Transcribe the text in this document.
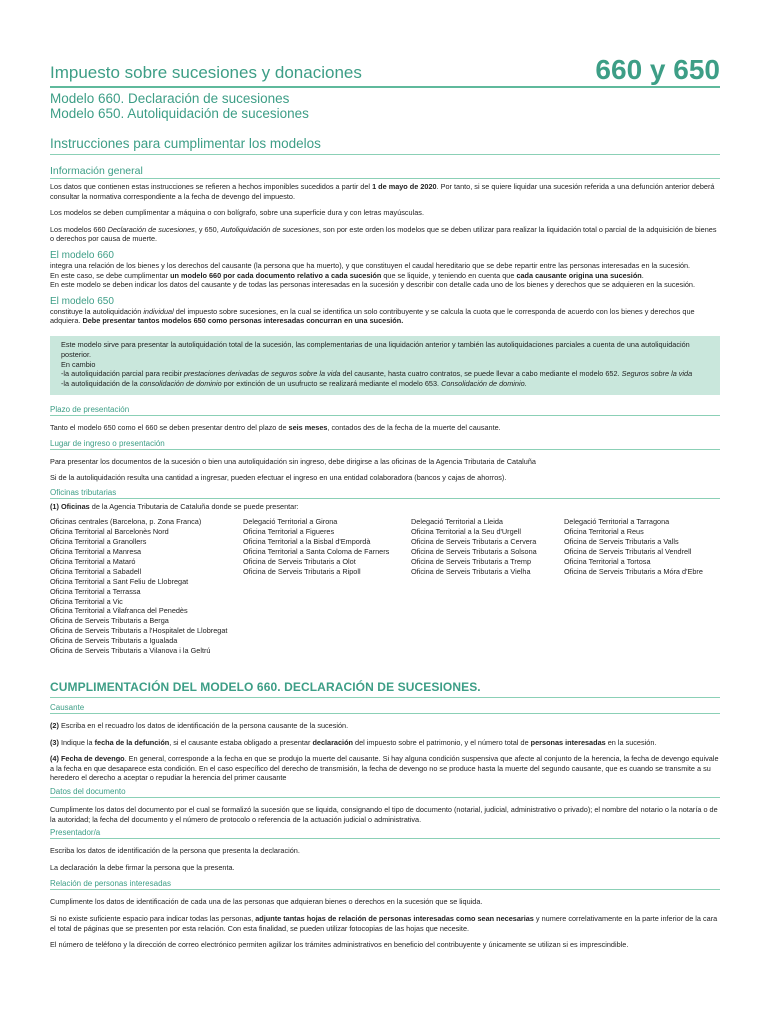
Impuesto sobre sucesiones y donaciones	660 y 650
Modelo 660. Declaración de sucesiones
Modelo 650. Autoliquidación de sucesiones
Instrucciones para cumplimentar los modelos
Información general

Los datos que contienen estas instrucciones se refieren a hechos imponibles sucedidos a partir del 1 de mayo de 2020. Por tanto, si se quiere liquidar una sucesión referida a una defunción anterior deberá consultar la normativa correspondiente a la fecha de devengo del impuesto.

Los modelos se deben cumplimentar a máquina o con bolígrafo, sobre una superficie dura y con letras mayúsculas.

Los modelos 660 Declaración de sucesiones, y 650, Autoliquidación de sucesiones, son por este orden los modelos que se deben utilizar para realizar la liquidación total o parcial de la adquisición de bienes o derechos por causa de muerte.

El modelo 660

integra una relación de los bienes y los derechos del causante (la persona que ha muerto), y que constituyen el caudal hereditario que se debe repartir entre las personas interesadas en la sucesión.

En este caso, se debe cumplimentar un modelo 660 por cada documento relativo a cada sucesión que se liquide, y teniendo en cuenta que cada causante origina una sucesión.

En este modelo se deben indicar los datos del causante y de todas las personas interesadas en la sucesión y describir con detalle cada uno de los bienes y derechos que se adquieren en la sucesión.

El modelo 650

constituye la autoliquidación individual del impuesto sobre sucesiones, en la cual se identifica un solo contribuyente y se calcula la cuota que le corresponda de acuerdo con los bienes y derechos que adquiera. Debe presentar tantos modelos 650 como personas interesadas concurran en una sucesión.

Este modelo sirve para presentar la autoliquidación total de la sucesión, las complementarias de una liquidación anterior y también las autoliquidaciones parciales a cuenta de una autoliquidación posterior.

En cambio

-la autoliquidación parcial para recibir prestaciones derivadas de seguros sobre la vida del causante, hasta cuatro contratos, se puede llevar a cabo mediante el modelo 652. Seguros sobre la vida

-la autoliquidación de la consolidación de dominio por extinción de un usufructo se realizará mediante el modelo 653. Consolidación de dominio.

Plazo de presentación

Tanto el modelo 650 como el 660 se deben presentar dentro del plazo de seis meses, contados des de la fecha de la muerte del causante.

Lugar de ingreso o presentación

Para presentar los documentos de la sucesión o bien una autoliquidación sin ingreso, debe dirigirse a las oficinas de la Agencia Tributaria de Cataluña

Si de la autoliquidación resulta una cantidad a ingresar, pueden efectuar el ingreso en una entidad colaboradora (bancos y cajas de ahorros).

Oficinas tributarias

(1) Oficinas de la Agencia Tributaria de Cataluña donde se puede presentar:

Oficinas centrales (Barcelona, p. Zona Franca)
Oficina Territorial al Barcelonès Nord
Oficina Territorial a Granollers
Oficina Territorial a Manresa
Oficina Territorial a Mataró
Oficina Territorial a Sabadell
Oficina Territorial a Sant Feliu de Llobregat
Oficina Territorial a Terrassa
Oficina Territorial a Vic
Oficina Territorial a Vilafranca del Penedès
Oficina de Serveis Tributaris a Berga
Oficina de Serveis Tributaris a l'Hospitalet de Llobregat
Oficina de Serveis Tributaris a Igualada
Oficina de Serveis Tributaris a Vilanova i la Geltrú
Delegació Territorial a Girona
Oficina Territorial a Figueres
Oficina Territorial a la Bisbal d'Empordà
Oficina Territorial a Santa Coloma de Farners
Oficina de Serveis Tributaris a Olot
Oficina de Serveis Tributaris a Ripoll
Delegació Territorial a Lleida
Oficina Territorial a la Seu d'Urgell
Oficina de Serveis Tributaris a Cervera
Oficina de Serveis Tributaris a Solsona
Oficina de Serveis Tributaris a Tremp
Oficina de Serveis Tributaris a Vielha
Delegació Territorial a Tarragona
Oficina Territorial a Reus
Oficina de Serveis Tributaris a Valls
Oficina de Serveis Tributaris al Vendrell
Oficina Territorial a Tortosa
Oficina de Serveis Tributaris a Móra d'Ebre
CUMPLIMENTACIÓN DEL MODELO 660. DECLARACIÓN DE SUCESIONES.
Causante

(2) Escriba en el recuadro los datos de identificación de la persona causante de la sucesión.

(3) Indique la fecha de la defunción, si el causante estaba obligado a presentar declaración del impuesto sobre el patrimonio, y el número total de personas interesadas en la sucesión.

(4) Fecha de devengo. En general, corresponde a la fecha en que se produjo la muerte del causante. Si hay alguna condición suspensiva que afecte al conjunto de la herencia, la fecha de devengo equivale a la fecha en que desaparece esta condición. En el caso específico del derecho de transmisión, la fecha de devengo no se produce hasta la muerte del segundo causante, que es cuando se transmite a su heredero el derecho a aceptar o repudiar la herencia del primer causante

Datos del documento

Cumplimente los datos del documento por el cual se formalizó la sucesión que se liquida, consignando el tipo de documento (notarial, judicial, administrativo o privado); el nombre del notario o la notaría o de la autoridad; la fecha del documento y el número de protocolo o referencia de la actuación judicial o administrativa.

Presentador/a

Escriba los datos de identificación de la persona que presenta la declaración.

La declaración la debe firmar la persona que la presenta.

Relación de personas interesadas

Cumplimente los datos de identificación de cada una de las personas que adquieran bienes o derechos en la sucesión que se liquida.

Si no existe suficiente espacio para indicar todas las personas, adjunte tantas hojas de relación de personas interesadas como sean necesarias y numere correlativamente en la parte inferior de la cara el total de páginas que se presenten por esta relación. Con esta finalidad, se pueden utilizar fotocopias de las hojas que necesite.

El número de teléfono y la dirección de correo electrónico permiten agilizar los trámites administrativos en beneficio del contribuyente y únicamente se utilizan si es imprescindible.
